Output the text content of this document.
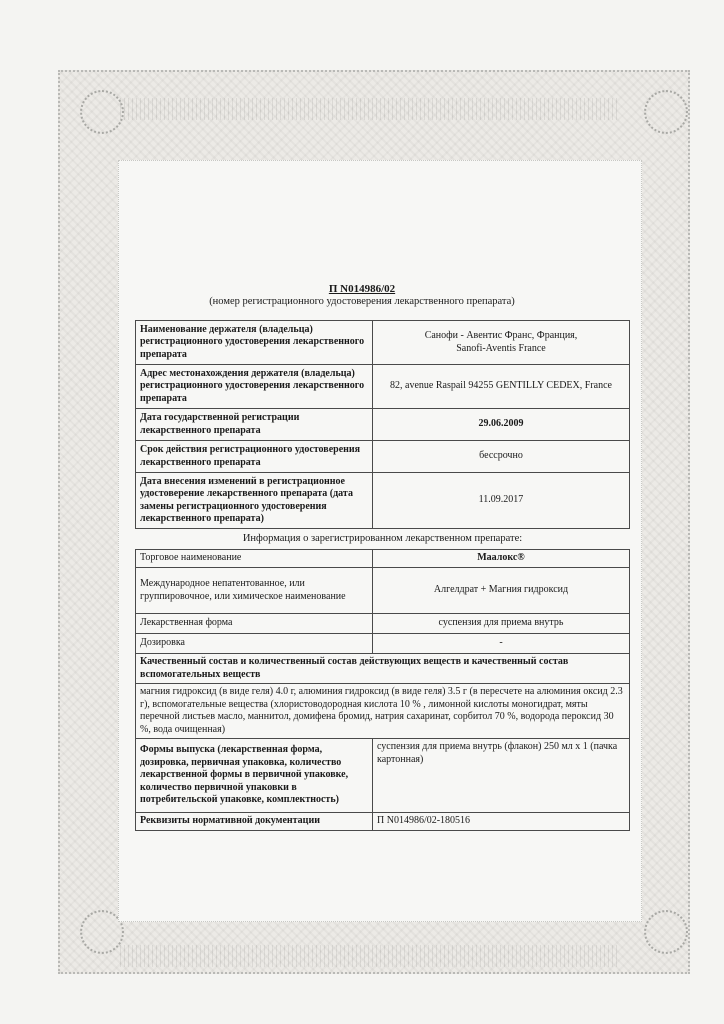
П N014986/02
(номер регистрационного удостоверения лекарственного препарата)
Наименование держателя (владельца) регистрационного удостоверения лекарственного препарата	Санофи - Авентис Франс, Франция,
Sanofi-Aventis France
Адрес местонахождения держателя (владельца) регистрационного удостоверения лекарственного препарата	82, avenue Raspail 94255 GENTILLY CEDEX, France
Дата государственной регистрации лекарственного препарата	29.06.2009
Срок действия регистрационного удостоверения лекарственного препарата	бессрочно
Дата внесения изменений в регистрационное удостоверение лекарственного препарата (дата замены регистрационного удостоверения лекарственного препарата)	11.09.2017
Информация о зарегистрированном лекарственном препарате:
Торговое наименование	Маалокс®
Международное непатентованное, или группировочное, или химическое наименование	Алгелдрат + Магния гидроксид
Лекарственная форма	суспензия для приема внутрь
Дозировка	-
Качественный состав и количественный состав действующих веществ и качественный состав вспомогательных веществ	
магния гидроксид (в виде геля) 4.0 г, алюминия гидроксид (в виде геля) 3.5 г (в пересчете на алюминия оксид 2.3 г), вспомогательные вещества (хлористоводородная кислота 10 % , лимонной кислоты моногидрат, мяты перечной листьев масло, маннитол, домифена бромид, натрия сахаринат, сорбитол 70 %, водорода пероксид 30 %, вода очищенная)	
Формы выпуска (лекарственная форма, дозировка, первичная упаковка, количество лекарственной формы в первичной упаковке, количество первичной упаковки в потребительской упаковке, комплектность)	суспензия для приема внутрь (флакон) 250 мл х 1 (пачка картонная)
Реквизиты нормативной документации	П N014986/02-180516
